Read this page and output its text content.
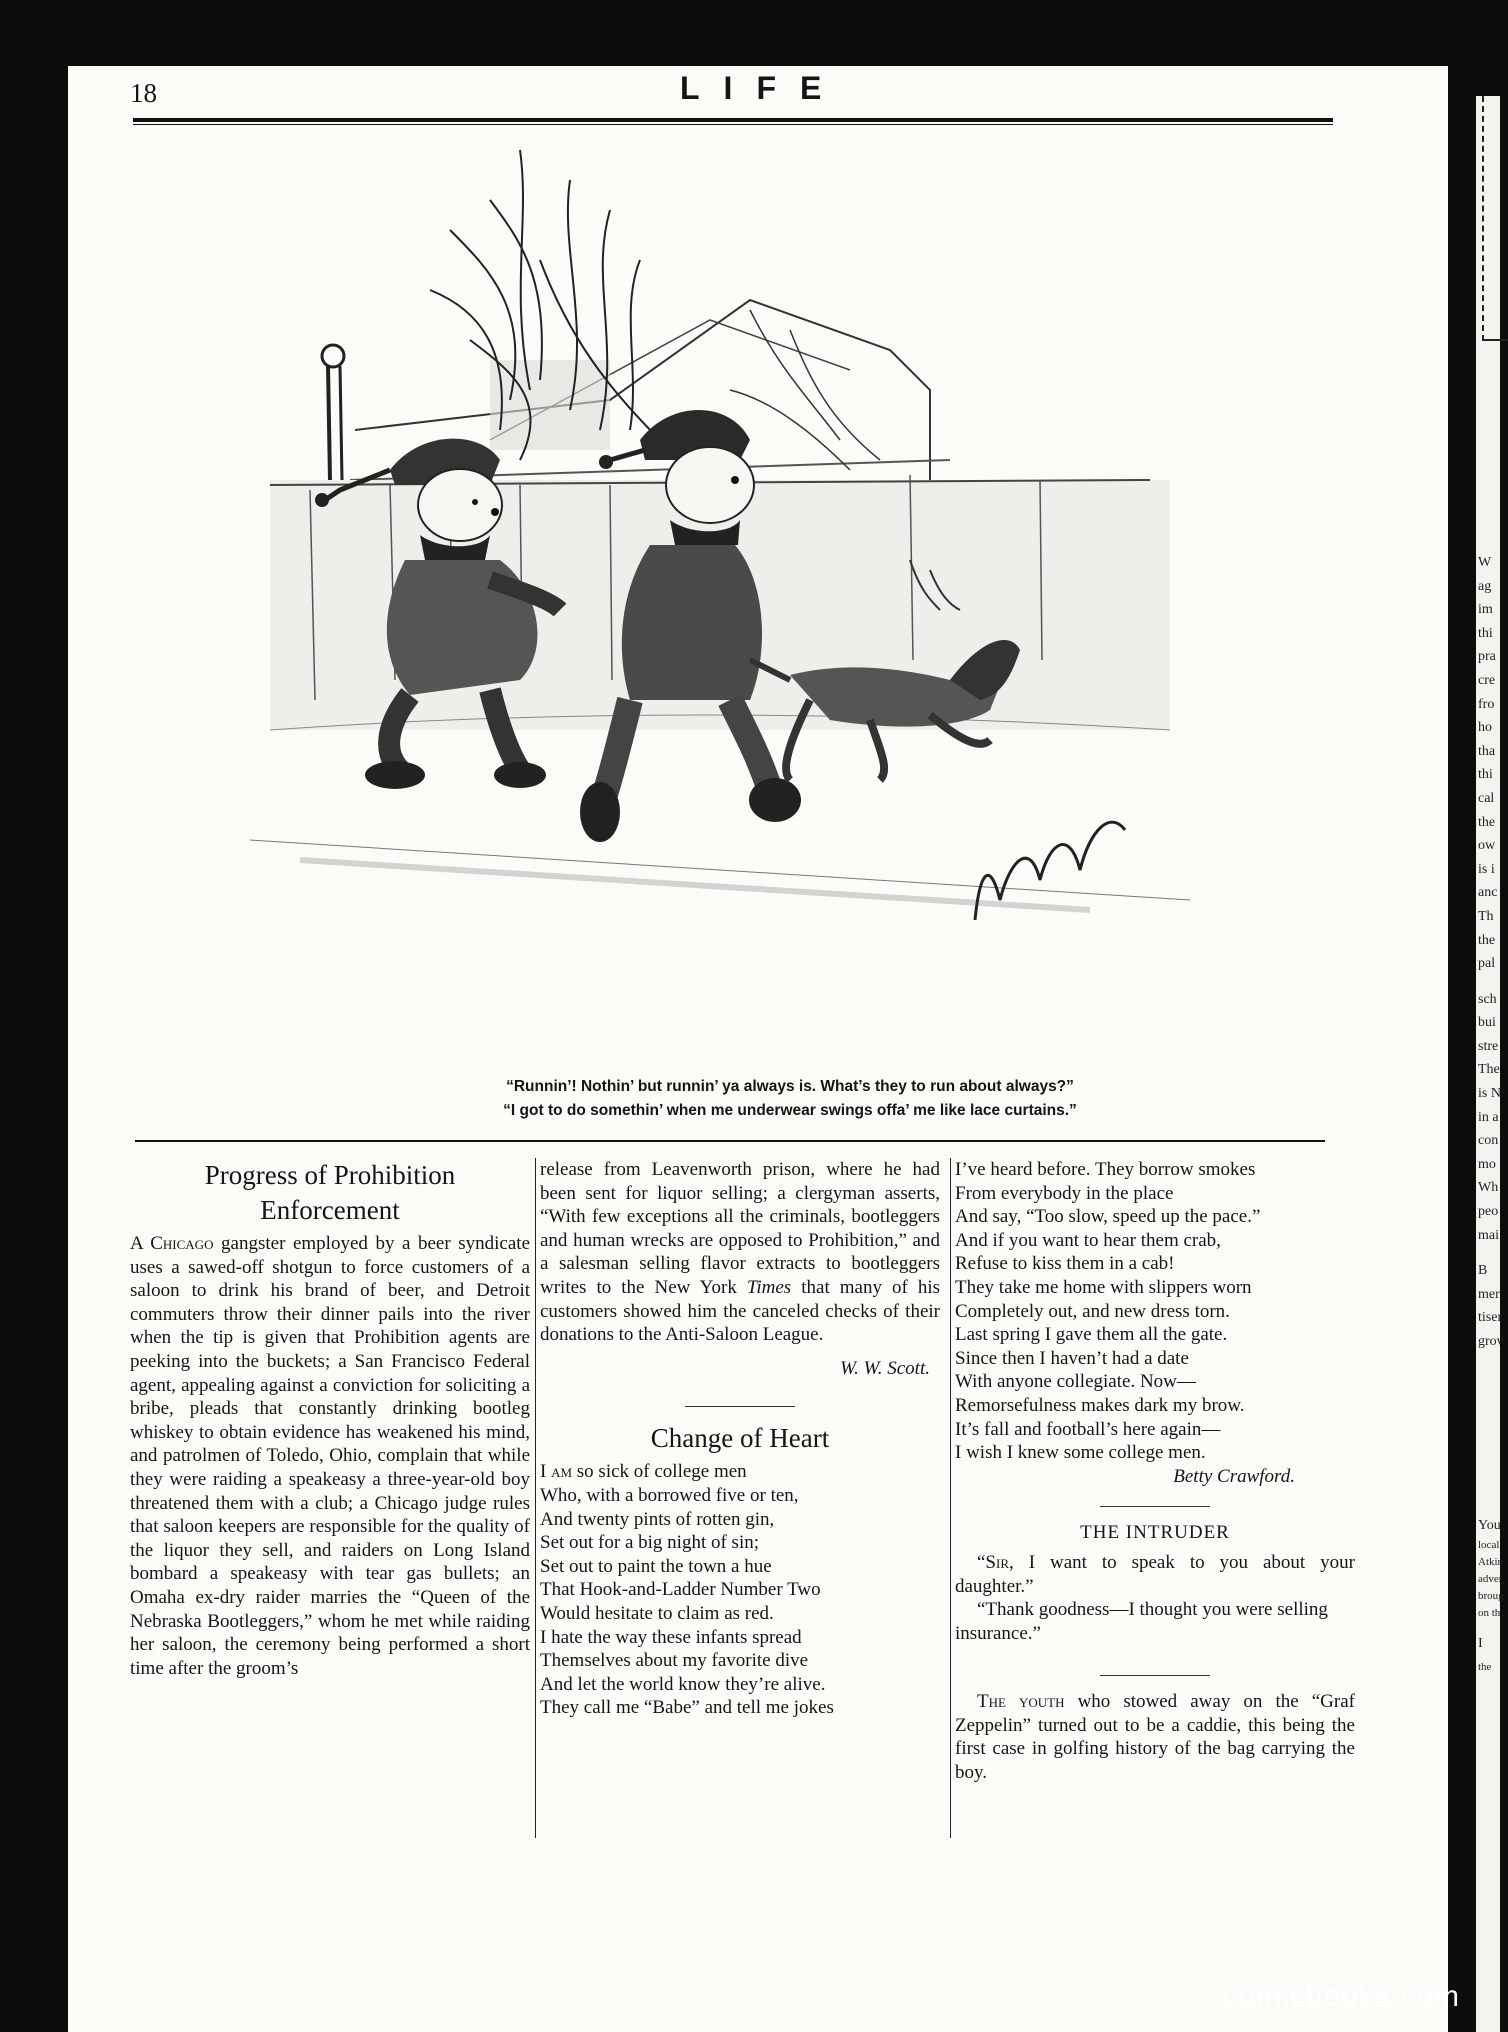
18	LIFE
“Runnin’! Nothin’ but runnin’ ya always is. What’s they to run about always?”
“I got to do somethin’ when me underwear swings offa’ me like lace curtains.”
Progress of Prohibition
Enforcement
A Chicago gangster employed by a beer syndicate uses a sawed-off shotgun to force customers of a saloon to drink his brand of beer, and Detroit commuters throw their dinner pails into the river when the tip is given that Prohibition agents are peeking into the buckets; a San Francisco Federal agent, appealing against a conviction for soliciting a bribe, pleads that constantly drinking bootleg whiskey to obtain evidence has weakened his mind, and patrolmen of Toledo, Ohio, complain that while they were raiding a speakeasy a three-year-old boy threatened them with a club; a Chicago judge rules that saloon keepers are responsible for the quality of the liquor they sell, and raiders on Long Island bombard a speakeasy with tear gas bullets; an Omaha ex-dry raider marries the “Queen of the Nebraska Bootleggers,” whom he met while raiding her saloon, the ceremony being performed a short time after the groom’s
release from Leavenworth prison, where he had been sent for liquor selling; a clergyman asserts, “With few exceptions all the criminals, bootleggers and human wrecks are opposed to Prohibition,” and a salesman selling flavor extracts to bootleggers writes to the New York Times that many of his customers showed him the canceled checks of their donations to the Anti-Saloon League.
W. W. Scott.
Change of Heart
I am so sick of college men
Who, with a borrowed five or ten,
And twenty pints of rotten gin,
Set out for a big night of sin;
Set out to paint the town a hue
That Hook-and-Ladder Number Two
Would hesitate to claim as red.
I hate the way these infants spread
Themselves about my favorite dive
And let the world know they’re alive.
They call me “Babe” and tell me jokes
I’ve heard before. They borrow smokes
From everybody in the place
And say, “Too slow, speed up the pace.”
And if you want to hear them crab,
Refuse to kiss them in a cab!
They take me home with slippers worn
Completely out, and new dress torn.
Last spring I gave them all the gate.
Since then I haven’t had a date
With anyone collegiate. Now—
Remorsefulness makes dark my brow.
It’s fall and football’s here again—
I wish I knew some college men.
Betty Crawford.
THE INTRUDER
“Sir, I want to speak to you about your daughter.”
“Thank goodness—I thought you were selling insurance.”
The youth who stowed away on the “Graf Zeppelin” turned out to be a caddie, this being the first case in golfing history of the bag carrying the boy.
W
ag
im
thi
pra
cre
fro
ho
tha
thi
cal
the
ow
is i
anc
Th
the
pal
sch
bui
stre
The
is N
in a
con
mo
Wh
peo
mai
B
mer
tiser
grov
You
local
Atkin
adver
broug
on th
I
the
comicbooks.com
